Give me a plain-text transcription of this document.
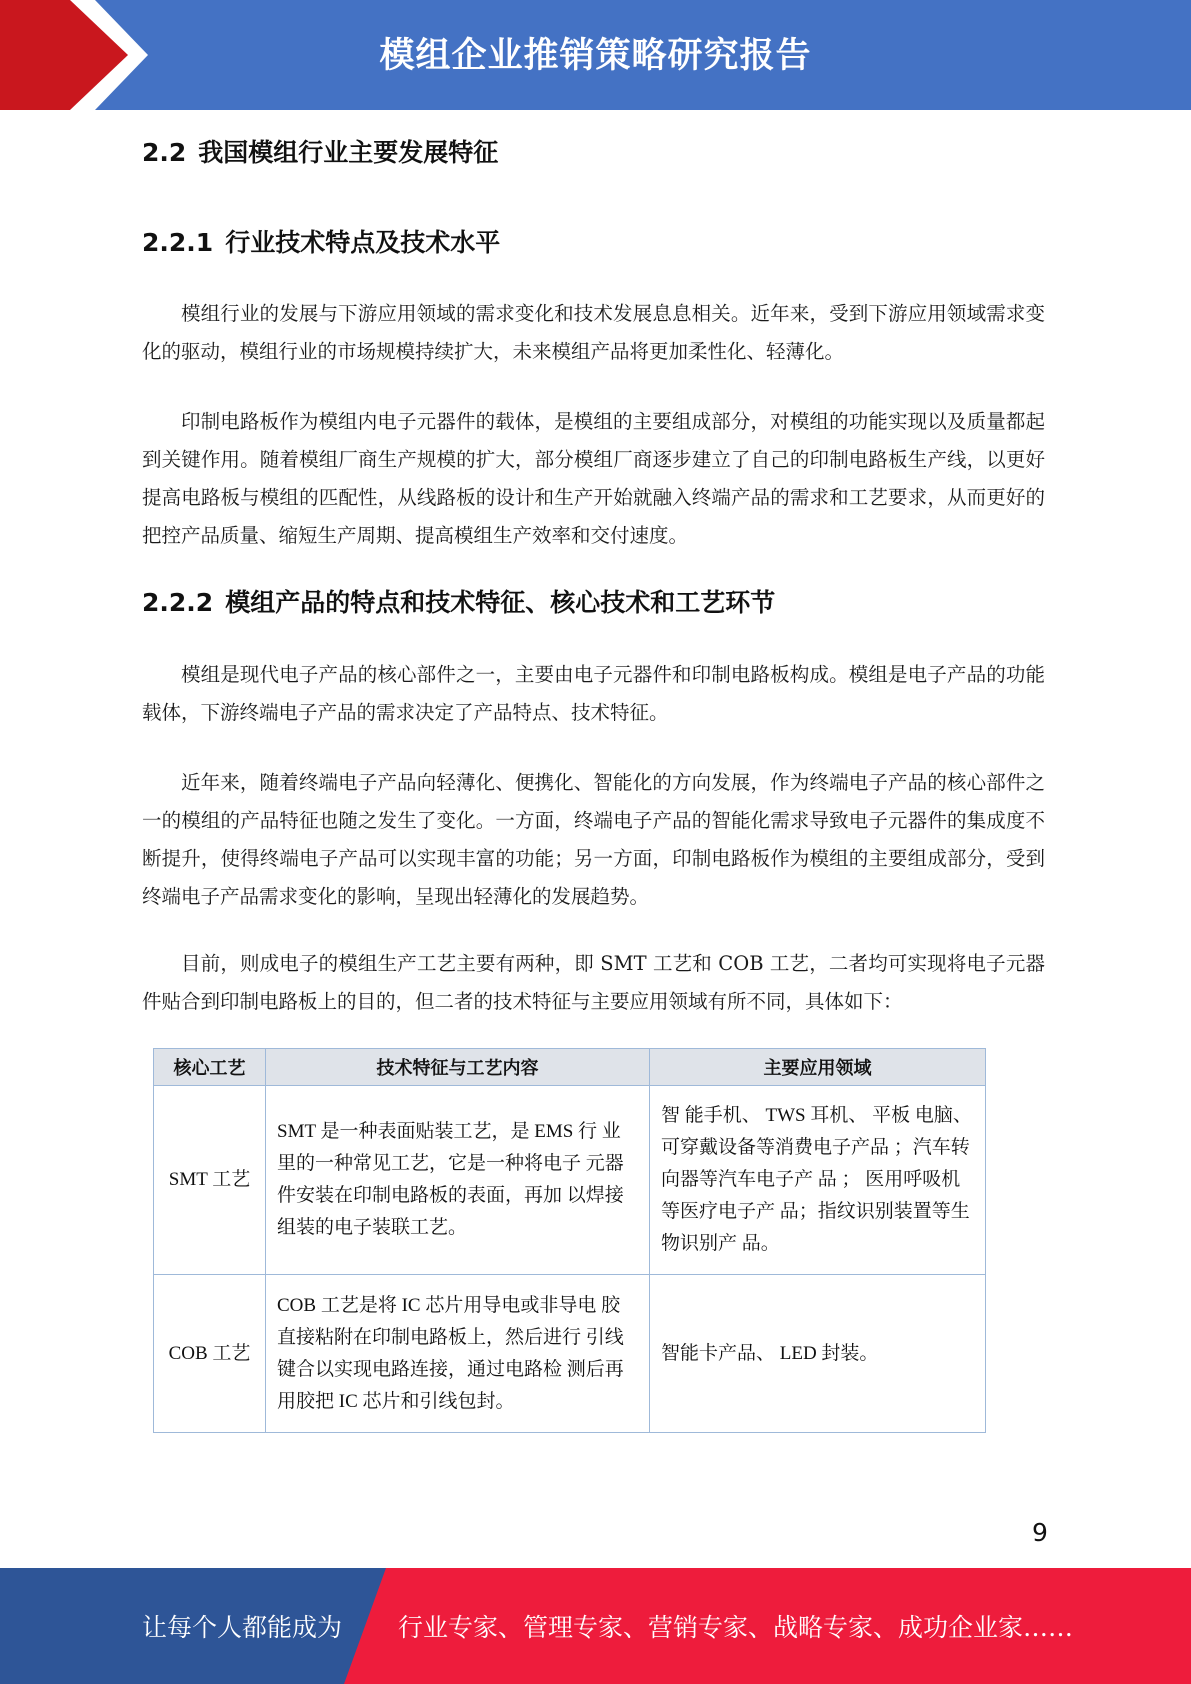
模组企业推销策略研究报告
2.2 我国模组行业主要发展特征
2.2.1 行业技术特点及技术水平

模组行业的发展与下游应用领域的需求变化和技术发展息息相关。近年来，受到下游应用领域需求变化的驱动，模组行业的市场规模持续扩大，未来模组产品将更加柔性化、轻薄化。

印制电路板作为模组内电子元器件的载体，是模组的主要组成部分，对模组的功能实现以及质量都起到关键作用。随着模组厂商生产规模的扩大，部分模组厂商逐步建立了自己的印制电路板生产线，以更好提高电路板与模组的匹配性，从线路板的设计和生产开始就融入终端产品的需求和工艺要求，从而更好的把控产品质量、缩短生产周期、提高模组生产效率和交付速度。

2.2.2 模组产品的特点和技术特征、核心技术和工艺环节

模组是现代电子产品的核心部件之一，主要由电子元器件和印制电路板构成。模组是电子产品的功能载体，下游终端电子产品的需求决定了产品特点、技术特征。

近年来，随着终端电子产品向轻薄化、便携化、智能化的方向发展，作为终端电子产品的核心部件之一的模组的产品特征也随之发生了变化。一方面，终端电子产品的智能化需求导致电子元器件的集成度不断提升，使得终端电子产品可以实现丰富的功能；另一方面，印制电路板作为模组的主要组成部分，受到终端电子产品需求变化的影响，呈现出轻薄化的发展趋势。

目前，则成电子的模组生产工艺主要有两种，即 SMT 工艺和 COB 工艺，二者均可实现将电子元器件贴合到印制电路板上的目的，但二者的技术特征与主要应用领域有所不同，具体如下：

核心工艺	技术特征与工艺内容	主要应用领域
SMT 工艺	SMT 是一种表面贴装工艺，是 EMS 行 业里的一种常见工艺，它是一种将电子 元器件安装在印制电路板的表面，再加 以焊接组装的电子装联工艺。	智 能手机、 TWS 耳机、 平板 电脑、可穿戴设备等消费电子产品 ；汽车转向器等汽车电子产 品 ； 医用呼吸机等医疗电子产 品；指纹识别装置等生物识别产 品。
COB 工艺	COB 工艺是将 IC 芯片用导电或非导电 胶直接粘附在印制电路板上，然后进行 引线键合以实现电路连接，通过电路检 测后再用胶把 IC 芯片和引线包封。	智能卡产品、 LED 封装。
9
让每个人都能成为 行业专家、管理专家、营销专家、战略专家、成功企业家……
